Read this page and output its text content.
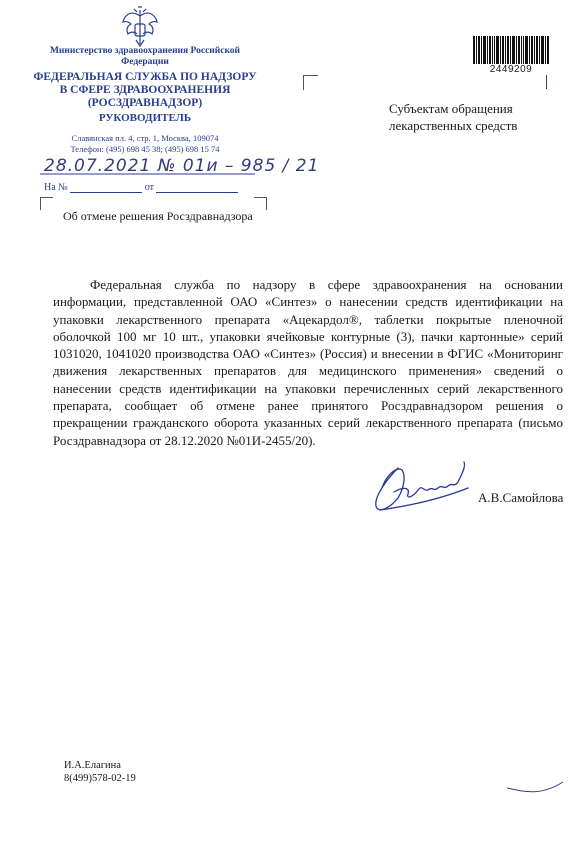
Министерство здравоохранения Российской Федерации
ФЕДЕРАЛЬНАЯ СЛУЖБА ПО НАДЗОРУ В СФЕРЕ ЗДРАВООХРАНЕНИЯ (РОСЗДРАВНАДЗОР)
РУКОВОДИТЕЛЬ
Славянская пл. 4, стр. 1, Москва, 109074
Телефон: (495) 698 45 38; (495) 698 15 74
28.07.2021 № 01и – 985 / 21
На №	от
Об отмене решения Росздравнадзора
2449209
Субъектам обращения лекарственных средств

Федеральная служба по надзору в сфере здравоохранения на основании информации, представленной ОАО «Синтез» о нанесении средств идентификации на упаковки лекарственного препарата «Ацекардол®, таблетки покрытые пленочной оболочкой 100 мг 10 шт., упаковки ячейковые контурные (3), пачки картонные» серий 1031020, 1041020 производства ОАО «Синтез» (Россия) и внесении в ФГИС «Мониторинг движения лекарственных препаратов для медицинского применения» сведений о нанесении средств идентификации на упаковки перечисленных серий лекарственного препарата, сообщает об отмене ранее принятого Росздравнадзором решения о прекращении гражданского оборота указанных серий лекарственного препарата (письмо Росздравнадзора от 28.12.2020 №01И-2455/20).

А.В.Самойлова
И.А.Елагина
8(499)578-02-19
